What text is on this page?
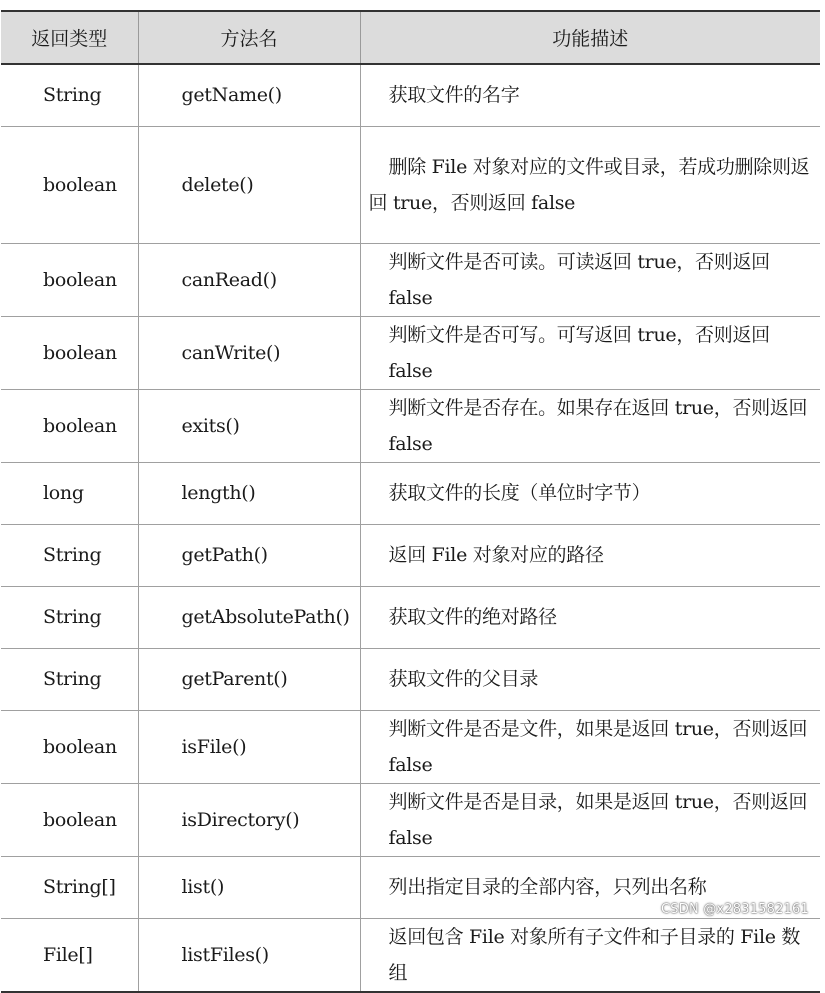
返回类型	方法名	功能描述
String	getName()	获取文件的名字
boolean	delete()	删除 File 对象对应的文件或目录，若成功删除则返回 true，否则返回 false
boolean	canRead()	判断文件是否可读。可读返回 true，否则返回 false
boolean	canWrite()	判断文件是否可写。可写返回 true，否则返回 false
boolean	exits()	判断文件是否存在。如果存在返回 true，否则返回 false
long	length()	获取文件的长度（单位时字节）
String	getPath()	返回 File 对象对应的路径
String	getAbsolutePath()	获取文件的绝对路径
String	getParent()	获取文件的父目录
boolean	isFile()	判断文件是否是文件，如果是返回 true，否则返回 false
boolean	isDirectory()	判断文件是否是目录，如果是返回 true，否则返回 false
String[]	list()	列出指定目录的全部内容，只列出名称
File[]	listFiles()	返回包含 File 对象所有子文件和子目录的 File 数组
CSDN @x2831582161
